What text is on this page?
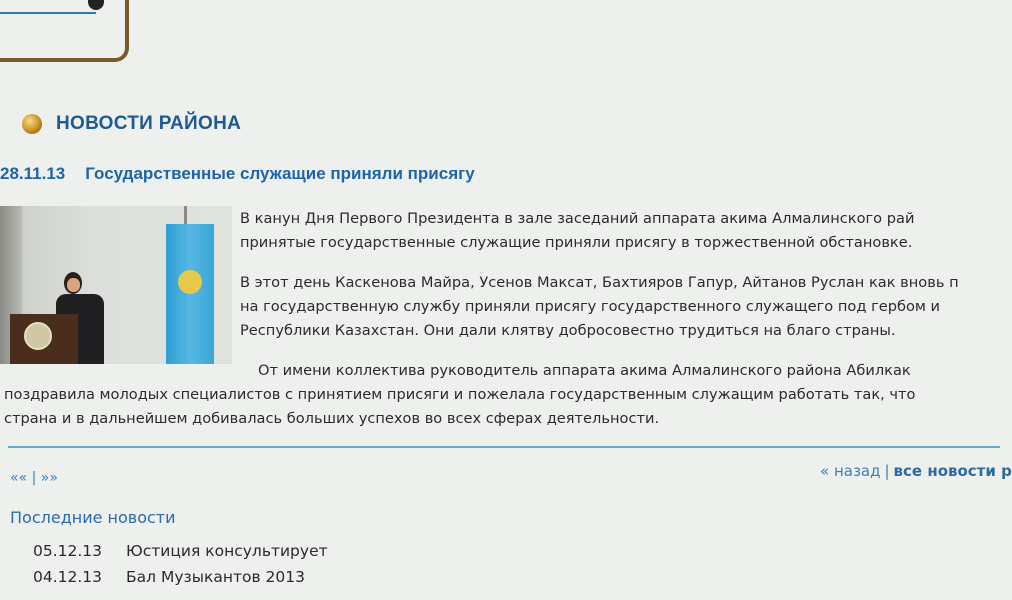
НОВОСТИ РАЙОНА
28.11.13 Государственные служащие приняли присягу

В канун Дня Первого Президента в зале заседаний аппарата акима Алмалинского рай

принятые государственные служащие приняли присягу в торжественной обстановке.

В этот день Каскенова Майра, Усенов Максат, Бахтияров Гапур, Айтанов Руслан как вновь п

на государственную службу приняли присягу государственного служащего под гербом и

Республики Казахстан. Они дали клятву добросовестно трудиться на благо страны.

От имени коллектива руководитель аппарата акима Алмалинского района Абилкак

поздравила молодых специалистов с принятием присяги и пожелала государственным служащим работать так, что

страна и в дальнейшем добивалась больших успехов во всех сферах деятельности.

«« | »»	« назад | все новости р
Последние новости
05.12.13	Юстиция консультирует
04.12.13	Бал Музыкантов 2013
